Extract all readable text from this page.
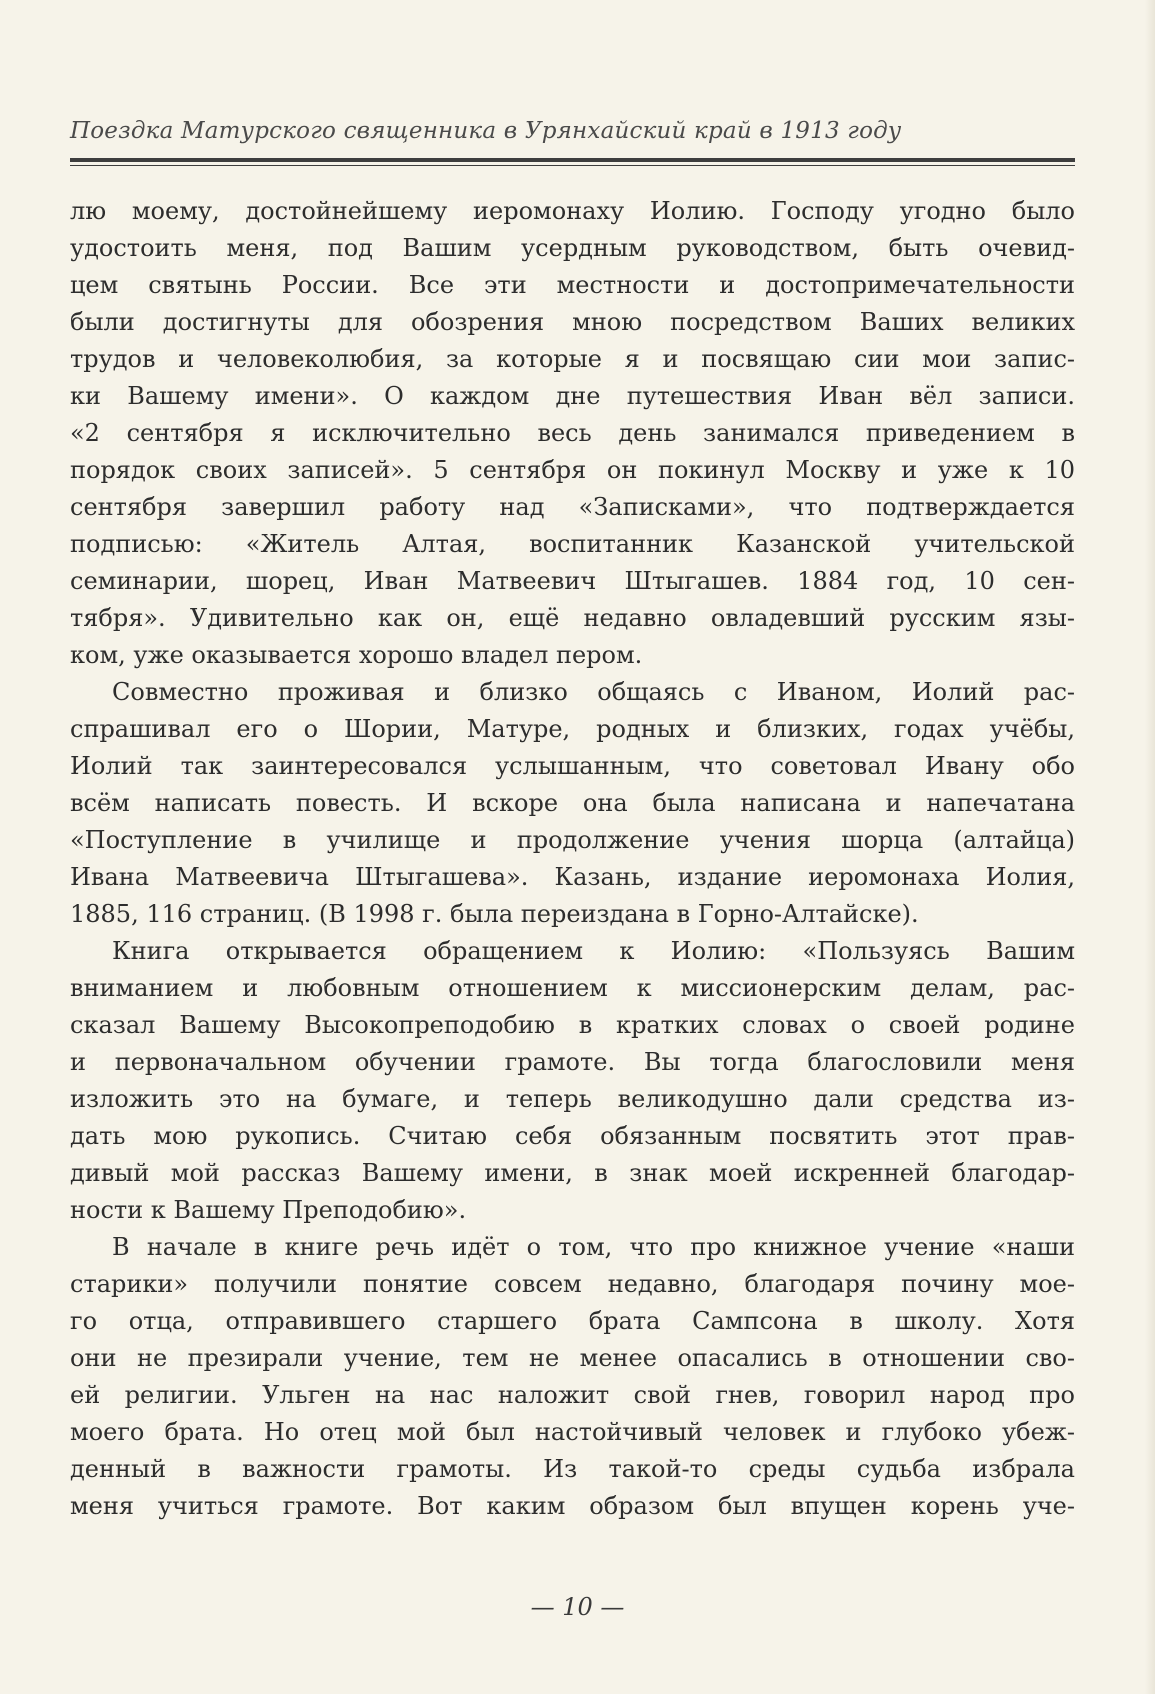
Поездка Матурского священника в Урянхайский край в 1913 году
лю моему, достойнейшему иеромонаху Иолию. Господу угодно было
удостоить меня, под Вашим усердным руководством, быть очевид-
цем святынь России. Все эти местности и достопримечательности
были достигнуты для обозрения мною посредством Ваших великих
трудов и человеколюбия, за которые я и посвящаю сии мои запис-
ки Вашему имени». О каждом дне путешествия Иван вёл записи.
«2 сентября я исключительно весь день занимался приведением в
порядок своих записей». 5 сентября он покинул Москву и уже к 10
сентября завершил работу над «Записками», что подтверждается
подписью: «Житель Алтая, воспитанник Казанской учительской
семинарии, шорец, Иван Матвеевич Штыгашев. 1884 год, 10 сен-
тября». Удивительно как он, ещё недавно овладевший русским язы-
ком, уже оказывается хорошо владел пером.
Совместно проживая и близко общаясь с Иваном, Иолий рас-
спрашивал его о Шории, Матуре, родных и близких, годах учёбы,
Иолий так заинтересовался услышанным, что советовал Ивану обо
всём написать повесть. И вскоре она была написана и напечатана
«Поступление в училище и продолжение учения шорца (алтайца)
Ивана Матвеевича Штыгашева». Казань, издание иеромонаха Иолия,
1885, 116 страниц. (В 1998 г. была переиздана в Горно-Алтайске).
Книга открывается обращением к Иолию: «Пользуясь Вашим
вниманием и любовным отношением к миссионерским делам, рас-
сказал Вашему Высокопреподобию в кратких словах о своей родине
и первоначальном обучении грамоте. Вы тогда благословили меня
изложить это на бумаге, и теперь великодушно дали средства из-
дать мою рукопись. Считаю себя обязанным посвятить этот прав-
дивый мой рассказ Вашему имени, в знак моей искренней благодар-
ности к Вашему Преподобию».
В начале в книге речь идёт о том, что про книжное учение «наши
старики» получили понятие совсем недавно, благодаря почину мое-
го отца, отправившего старшего брата Сампсона в школу. Хотя
они не презирали учение, тем не менее опасались в отношении сво-
ей религии. Ульген на нас наложит свой гнев, говорил народ про
моего брата. Но отец мой был настойчивый человек и глубоко убеж-
денный в важности грамоты. Из такой-то среды судьба избрала
меня учиться грамоте. Вот каким образом был впущен корень уче-
— 10 —
